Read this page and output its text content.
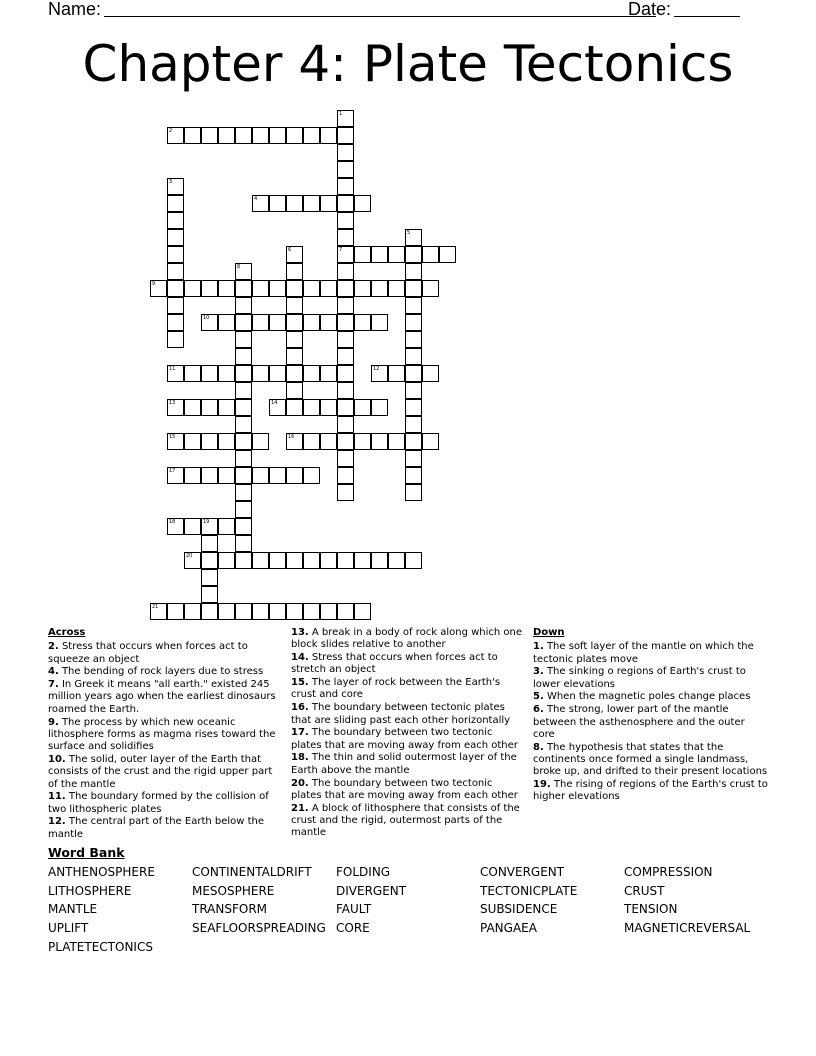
Name:	Date:
Chapter 4: Plate Tectonics
1
7
2
3
4
5
6
8
9
10
11	12
13	14
15	16
17
18	19
20
21
Across
2. Stress that occurs when forces act to squeeze an object
4. The bending of rock layers due to stress
7. In Greek it means "all earth." existed 245 million years ago when the earliest dinosaurs roamed the Earth.
9. The process by which new oceanic lithosphere forms as magma rises toward the surface and solidifies
10. The solid, outer layer of the Earth that consists of the crust and the rigid upper part of the mantle
11. The boundary formed by the collision of two lithospheric plates
12. The central part of the Earth below the mantle
13. A break in a body of rock along which one block slides relative to another
14. Stress that occurs when forces act to stretch an object
15. The layer of rock between the Earth's crust and core
16. The boundary between tectonic plates that are sliding past each other horizontally
17. The boundary between two tectonic plates that are moving away from each other
18. The thin and solid outermost layer of the Earth above the mantle
20. The boundary between two tectonic plates that are moving away from each other
21. A block of lithosphere that consists of the crust and the rigid, outermost parts of the mantle
Down
1. The soft layer of the mantle on which the tectonic plates move
3. The sinking o regions of Earth's crust to lower elevations
5. When the magnetic poles change places
6. The strong, lower part of the mantle between the asthenosphere and the outer core
8. The hypothesis that states that the continents once formed a single landmass, broke up, and drifted to their present locations
19. The rising of regions of the Earth's crust to higher elevations
Word Bank
ANTHENOSPHERE	CONTINENTALDRIFT	FOLDING	CONVERGENT	COMPRESSION
LITHOSPHERE	MESOSPHERE	DIVERGENT	TECTONICPLATE	CRUST
MANTLE	TRANSFORM	FAULT	SUBSIDENCE	TENSION
UPLIFT	SEAFLOORSPREADING CORE	PANGAEA	MAGNETICREVERSAL
PLATETECTONICS
